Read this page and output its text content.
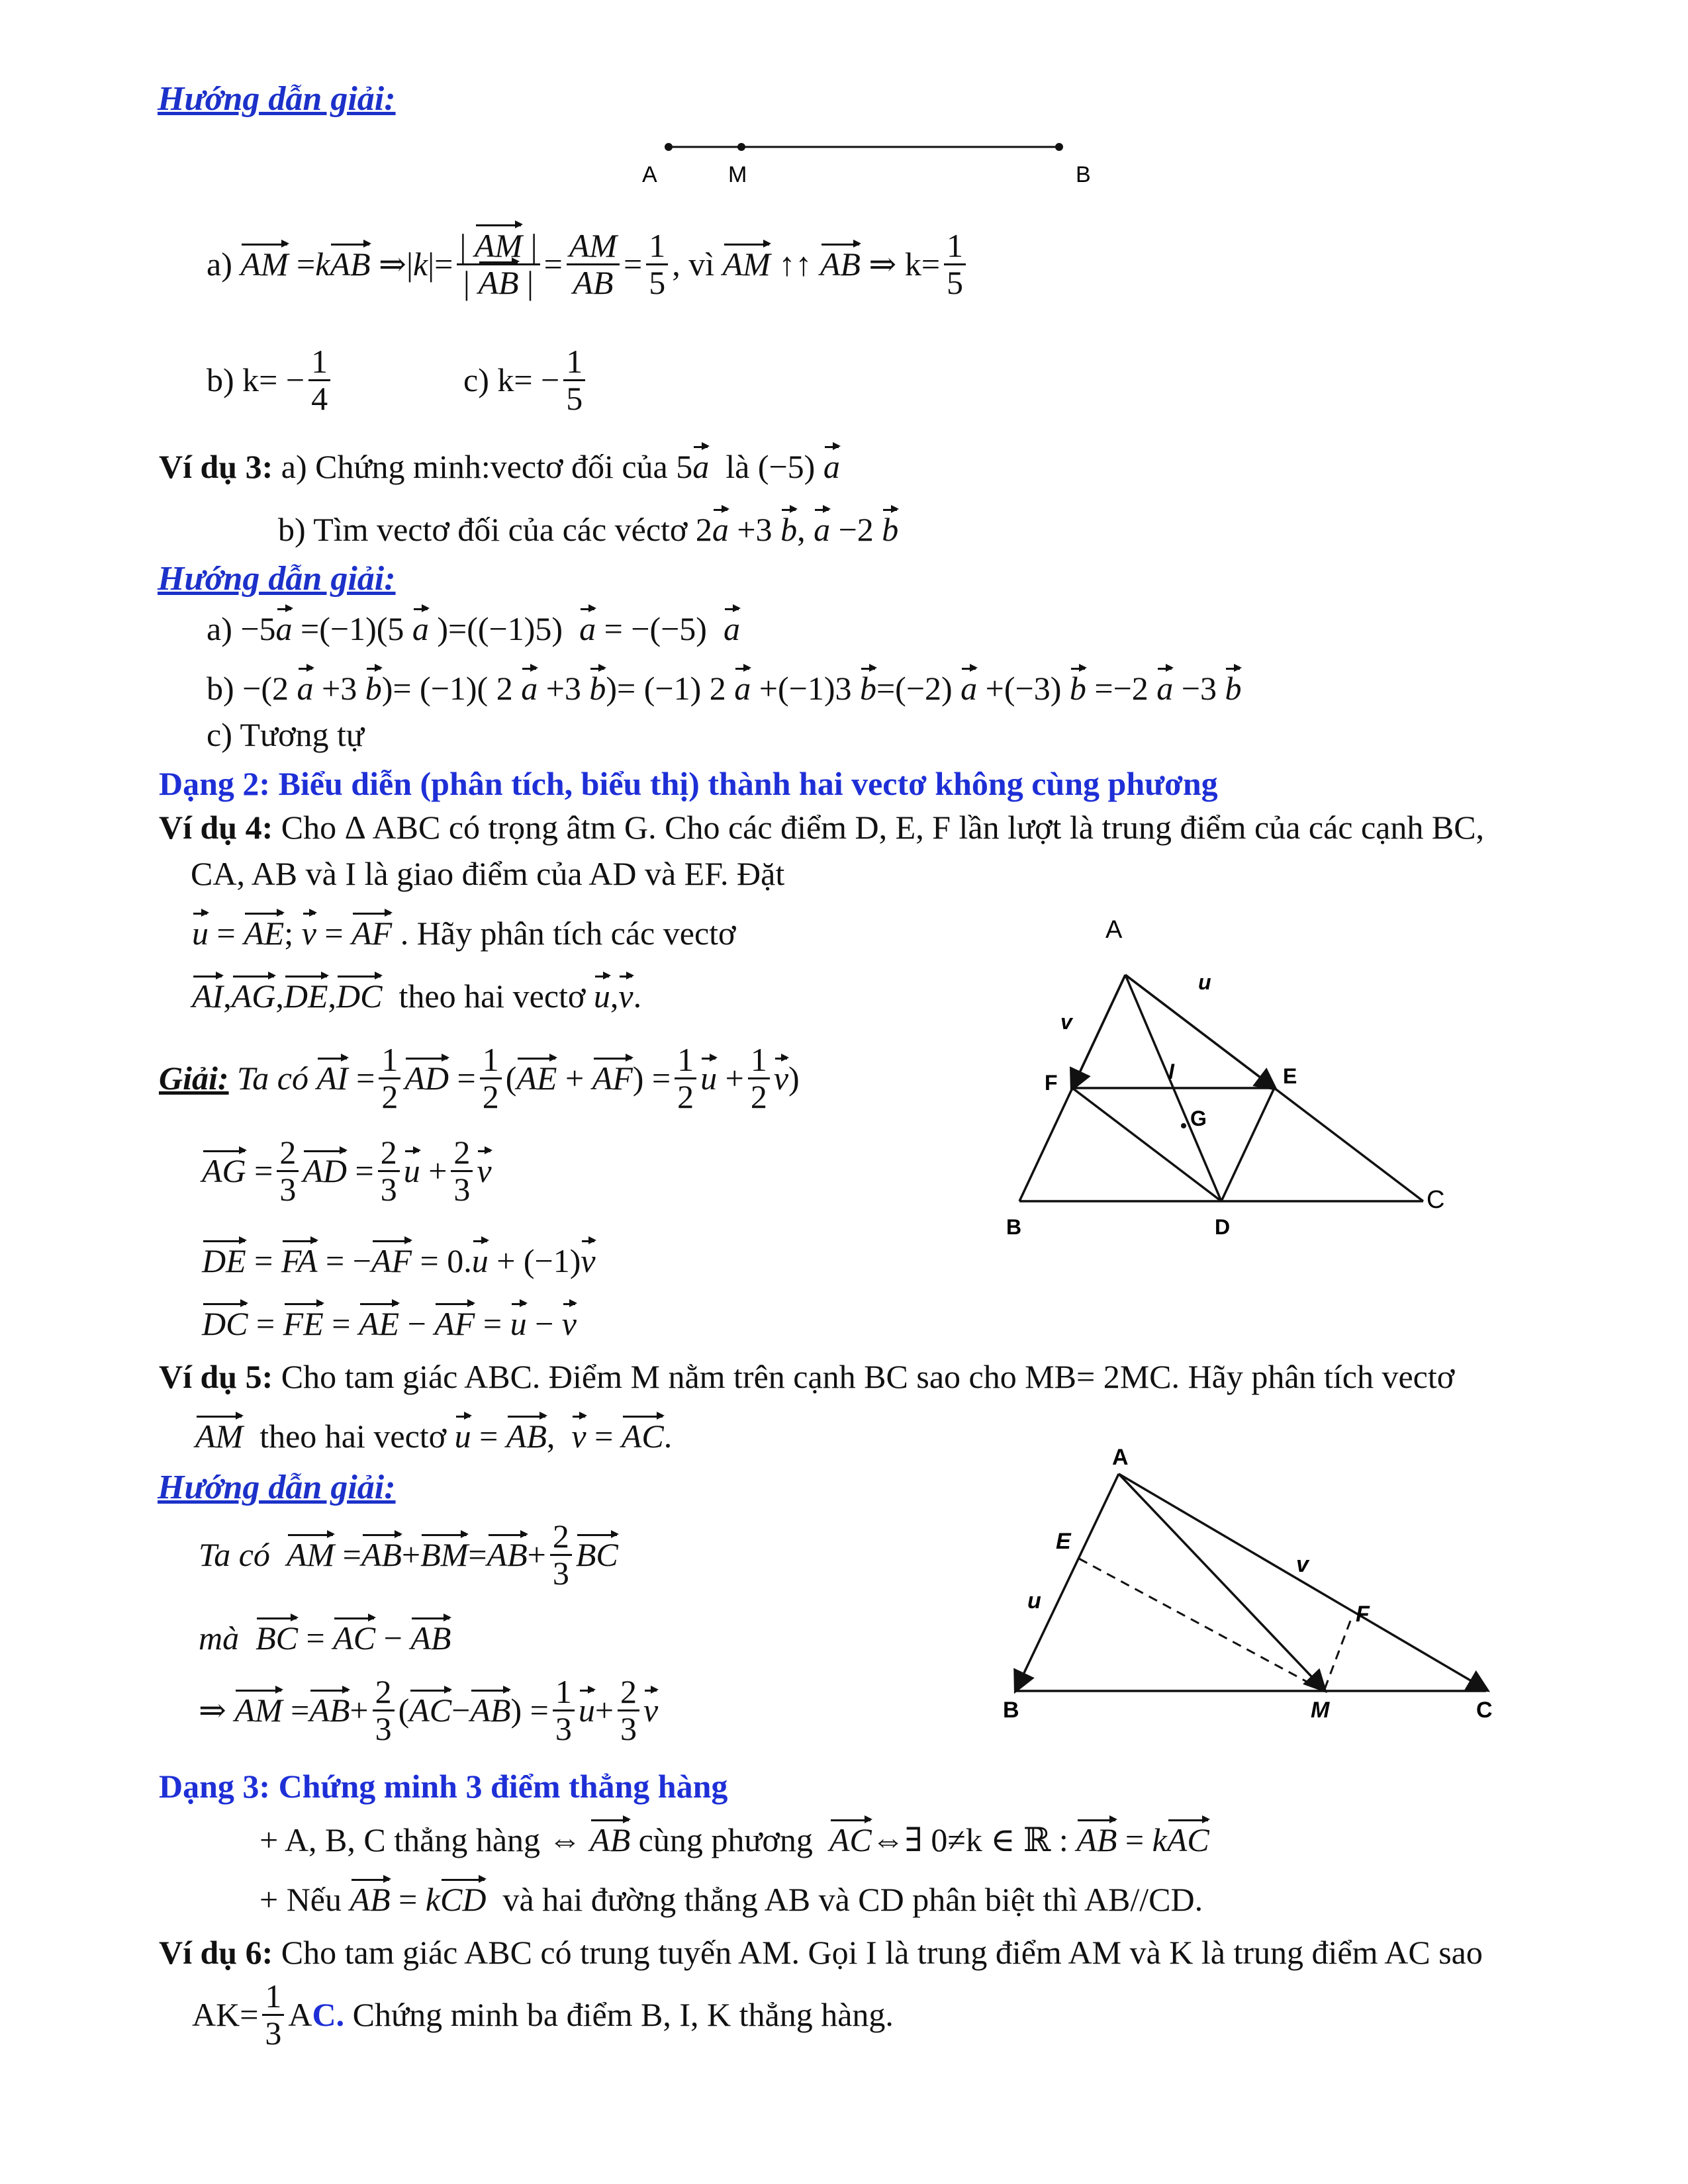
Hướng dẫn giải:
A	M	B
a)
AM = k AB ⇒| k |= $\frac{| AM |}{| AB |} = \frac{AM}{AB} = \frac{1}{5}$ , vì
AM ↑↑ AB ⇒ $k= \frac{1}{5}$
b) $k= - \frac{1}{4}$	c) $k= - \frac{1}{5}$
Ví dụ 3: a) Chứng minh:vectơ đối của 5a là (−5) a
b) Tìm vectơ đối của các véctơ 2a +3 b, a −2 b
Hướng dẫn giải:
a) −5a =(−1)(5 a )=((−1)5)  a = −(−5)  a
b) −(2 a +3 b)= (−1)( 2 a +3 b)= (−1) 2 a +(−1)3 b=(−2) a +(−3) b =−2 a −3 b
c) Tương tự
Dạng 2: Biểu diễn (phân tích, biểu thị) thành hai vectơ không cùng phương
Ví dụ 4: Cho Δ ABC có trọng âtm G. Cho các điểm D, E, F lần lượt là trung điểm của các cạnh BC,
CA, AB và I là giao điểm của AD và EF. Đặt
u = AE; v = AF . Hãy phân tích các vectơ
AI,AG,DE,DC theo hai vectơ u,v.
Giải:
Ta có
AI = $\frac{1}{2}$ AD = $\frac{1}{2}$ ( AE + AF ) = $\frac{1}{2}$ $u + \frac{1}{2}$ v )
AG = $\frac{2}{3}$ AD = $\frac{2}{3}$ $u + \frac{2}{3}$ v
DE = FA = −AF = 0.u + (−1)v
DC = FE = AE − AF = u − v
A
B
C
D
E
F
G
I
u
v
Ví dụ 5: Cho tam giác ABC. Điểm M nằm trên cạnh BC sao cho MB= 2MC. Hãy phân tích vectơ
AM theo hai vectơ u = AB,  v = AC.
Hướng dẫn giải:
Ta có
AM = AB + BM = AB + $\frac{2}{3}$ BC
mà BC = AC − AB
⇒ AM = AB + $\frac{2}{3}$ ( AC − AB ) = $\frac{1}{3}$ $u + \frac{2}{3}$ v
A
B	C
M
E
F
u
v
Dạng 3: Chứng minh 3 điểm thẳng hàng
+ A, B, C thẳng hàng ⇔ AB cùng phương AC⇔∃ 0≠k ∈ ℝ : AB = kAC
+ Nếu AB = kCD và hai đường thẳng AB và CD phân biệt thì AB//CD.
Ví dụ 6: Cho tam giác ABC có trung tuyến AM. Gọi I là trung điểm AM và K là trung điểm AC sao
$AK= \frac{1}{3}$ A C.
Chứng minh ba điểm B, I, K thẳng hàng.
